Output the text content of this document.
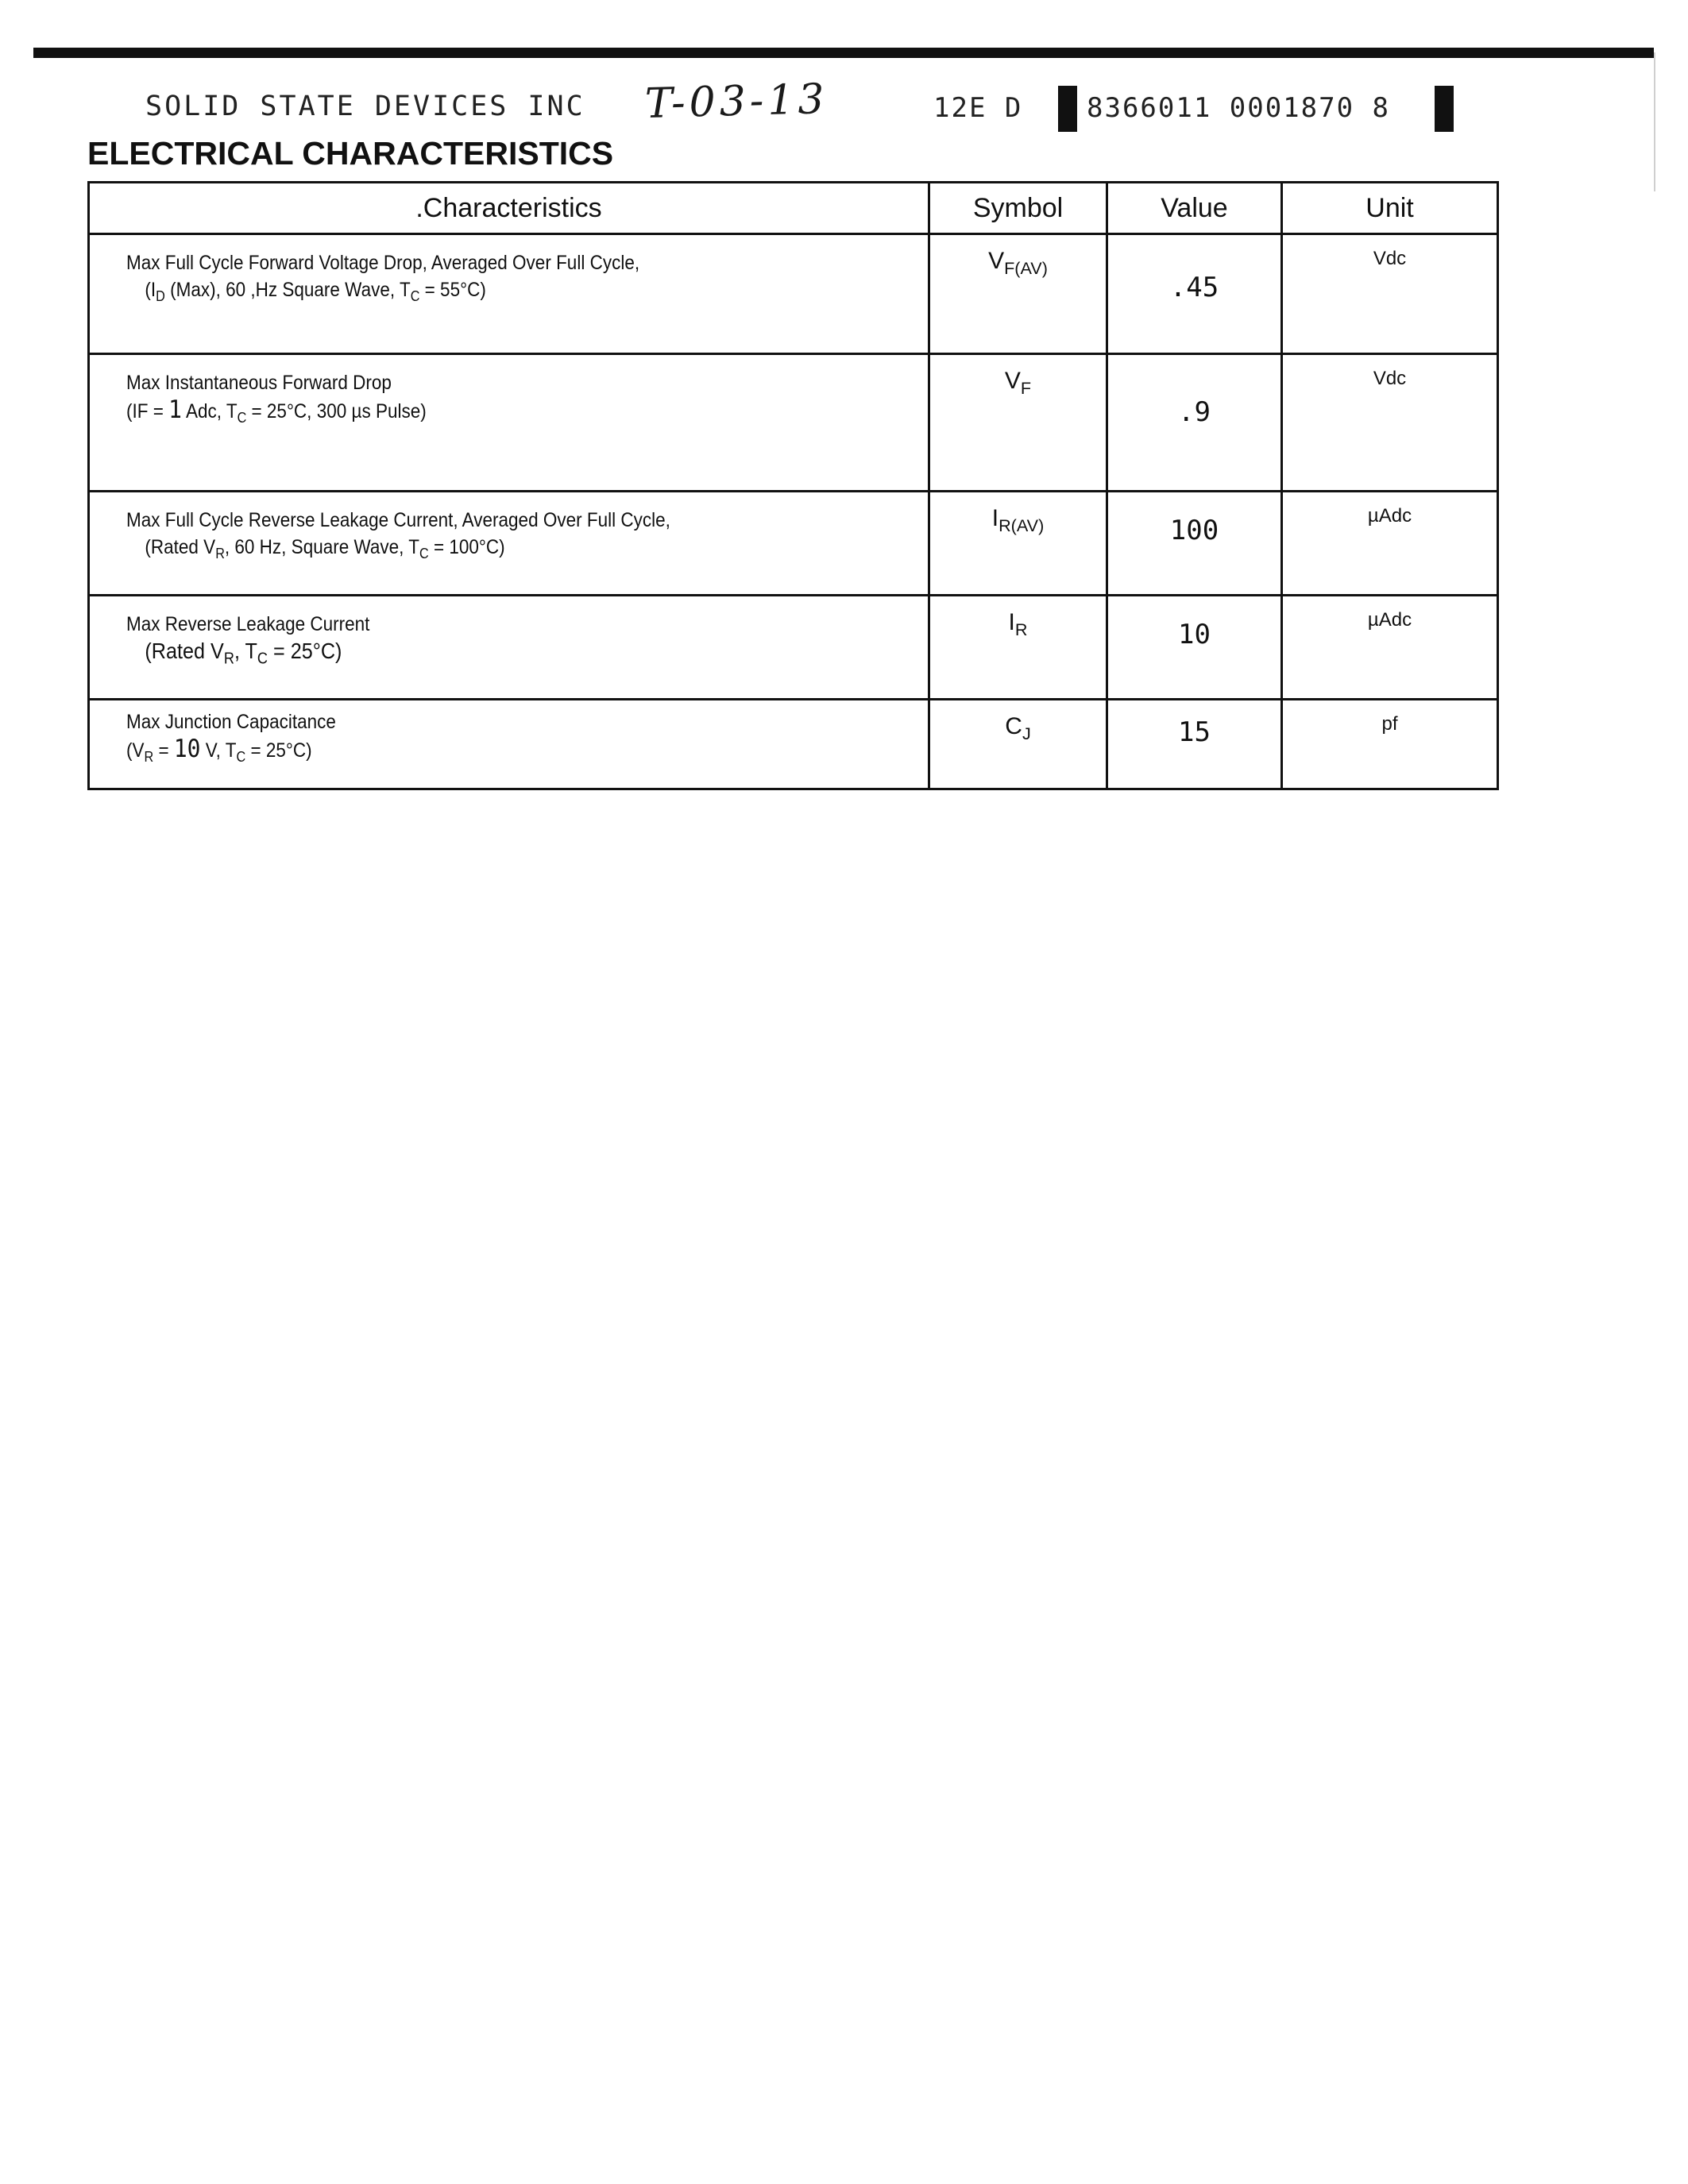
SOLID STATE DEVICES INC T-03-13	12E D 8366011 0001870 8
ELECTRICAL CHARACTERISTICS
.Characteristics	Symbol	Value	Unit

Max Full Cycle Forward Voltage Drop, Averaged Over Full Cycle,
($I_D$ (Max), 60 ,Hz Square Wave, $T_C = 55^\circ C$)	$V_{F(AV)}$	.45	Vdc

Max Instantaneous Forward Drop
(IF = 1 Adc, $T_C = 25^\circ C$, 300 µs Pulse)	$V_F$	.9	Vdc

Max Full Cycle Reverse Leakage Current, Averaged Over Full Cycle,
(Rated $V_R$, 60 Hz, Square Wave, $T_C = 100^\circ C$)	$I_{R(AV)}$	100	µAdc

Max Reverse Leakage Current
(Rated $V_R$, $T_C = 25^\circ C$)	$I_R$	10	µAdc

Max Junction Capacitance
($V_R = 10$ V, $T_C = 25^\circ C$)	$C_J$	15	pf
